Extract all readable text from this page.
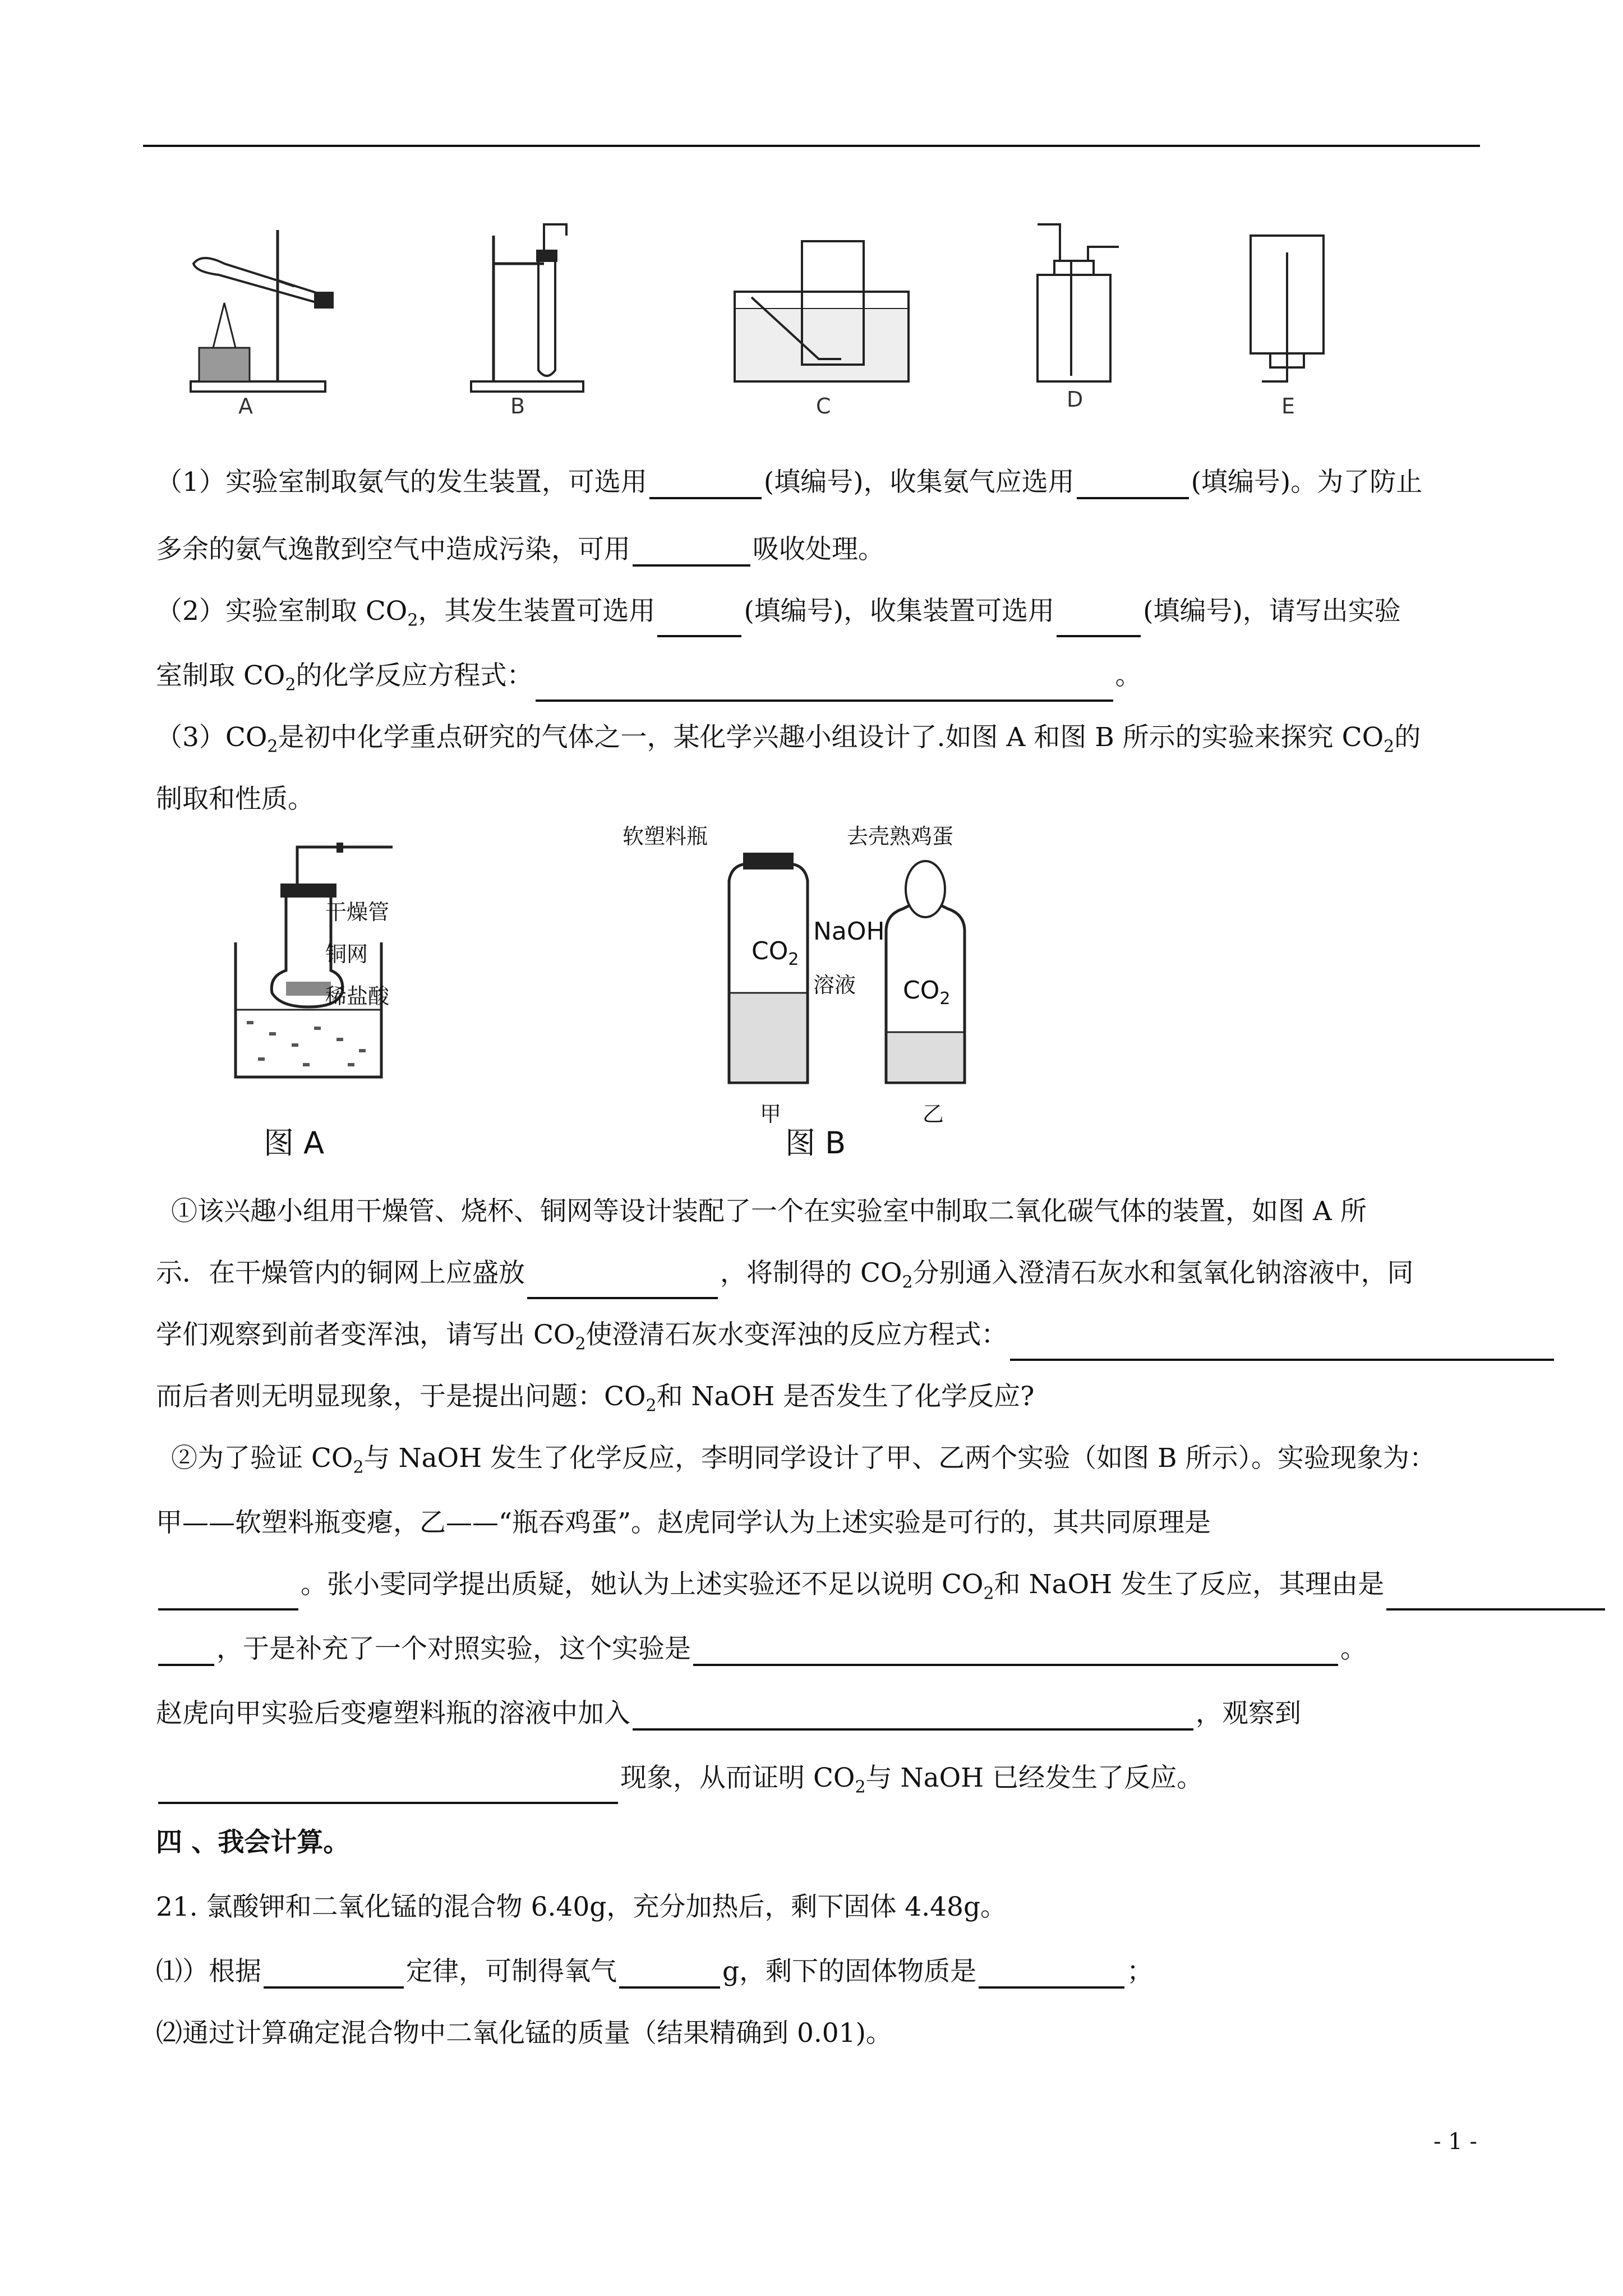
A	B	C	D	E
（1）实验室制取氨气的发生装置，可选用	(填编号)，收集氨气应选用	(填编号)。为了防止
多余的氨气逸散到空气中造成污染，可用	吸收处理。
（2）实验室制取 $CO_2$，其发生装置可选用	(填编号)，收集装置可选用	(填编号)，请写出实验
室制取 $CO_2$的化学反应方程式：	。
$(3)CO_2$是初中化学重点研究的气体之一，某化学兴趣小组设计了.如图 A 和图 B 所示的实验来探究 $CO_2$的
制取和性质。
干燥管
铜网
稀盐酸
图 A
软塑料瓶	去壳熟鸡蛋
$CO_2$
NaOH
溶液 $CO_2$
甲	乙
图 B
①该兴趣小组用干燥管、烧杯、铜网等设计装配了一个在实验室中制取二氧化碳气体的装置，如图 A 所
示．在干燥管内的铜网上应盛放	，将制得的 $CO_2$分别通入澄清石灰水和氢氧化钠溶液中，同
学们观察到前者变浑浊，请写出 $CO_2$使澄清石灰水变浑浊的反应方程式：
而后者则无明显现象，于是提出问题：$CO_2$和 NaOH 是否发生了化学反应?
②为了验证 $CO_2$与 NaOH 发生了化学反应，李明同学设计了甲、乙两个实验（如图 B 所示）。实验现象为：
甲——软塑料瓶变瘪，乙——“瓶吞鸡蛋”。赵虎同学认为上述实验是可行的，其共同原理是
。张小雯同学提出质疑，她认为上述实验还不足以说明 $CO_2$和 NaOH 发生了反应，其理由是
，于是补充了一个对照实验，这个实验是	。
赵虎向甲实验后变瘪塑料瓶的溶液中加入	，观察到
现象，从而证明 $CO_2$与 NaOH 已经发生了反应。
四 、我会计算。
21. 氯酸钾和二氧化锰的混合物 6.40g，充分加热后，剩下固体 4.48g。
⑴）根据	定律，可制得氧气	g，剩下的固体物质是	；
⑵通过计算确定混合物中二氧化锰的质量（结果精确到 0.01)。
- 1 -
